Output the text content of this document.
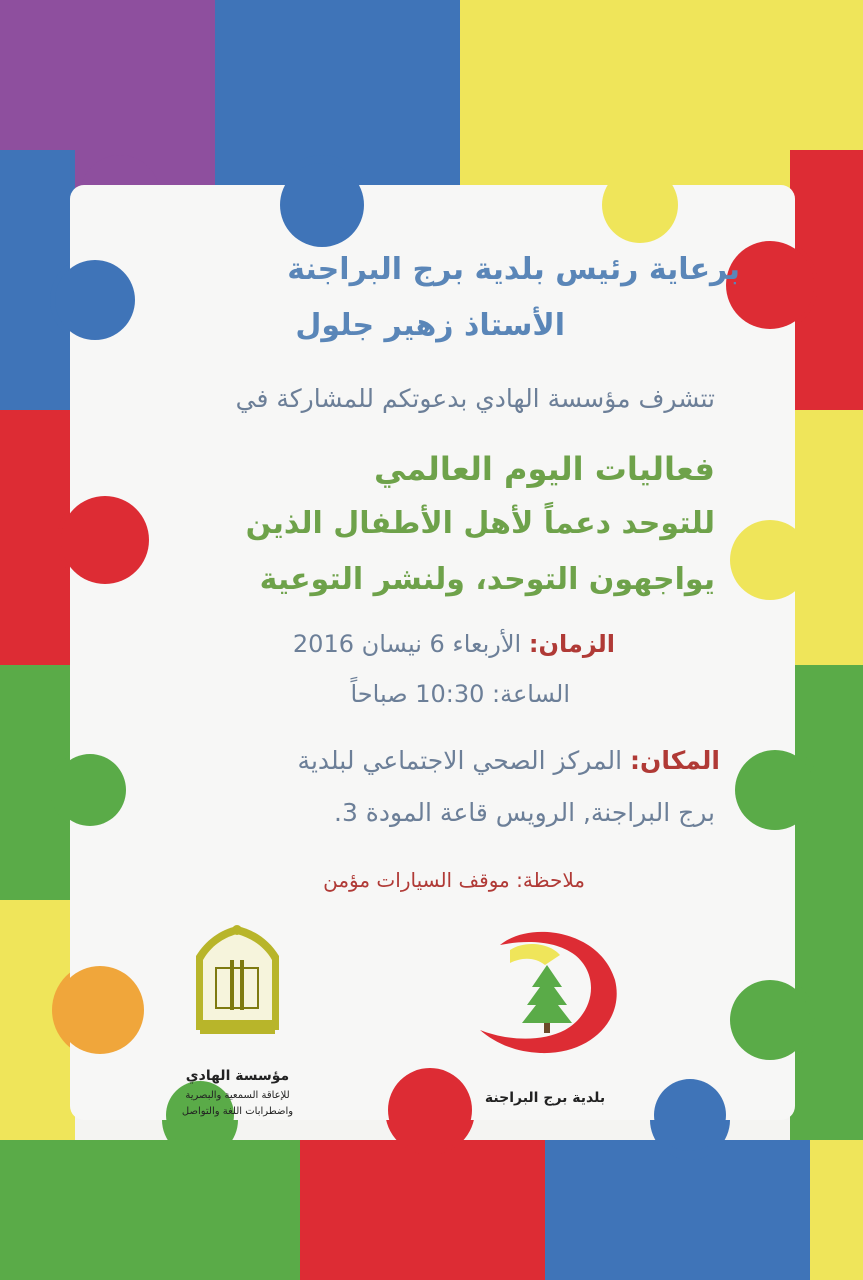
برعاية رئيس بلدية برج البراجنة
الأستاذ زهير جلول
تتشرف مؤسسة الهادي بدعوتكم للمشاركة في
فعاليات اليوم العالمي
للتوحد دعماً لأهل الأطفال الذين
يواجهون التوحد، ولنشر التوعية
الزمان: الأربعاء 6 نيسان 2016
الساعة: 10:30 صباحاً
المكان: المركز الصحي الاجتماعي لبلدية
برج البراجنة, الرويس قاعة المودة 3.
ملاحظة: موقف السيارات مؤمن
مؤسسة الهادي
للإعاقة السمعية والبصرية
واضطرابات اللغة والتواصل
بلدية برج البراجنة
